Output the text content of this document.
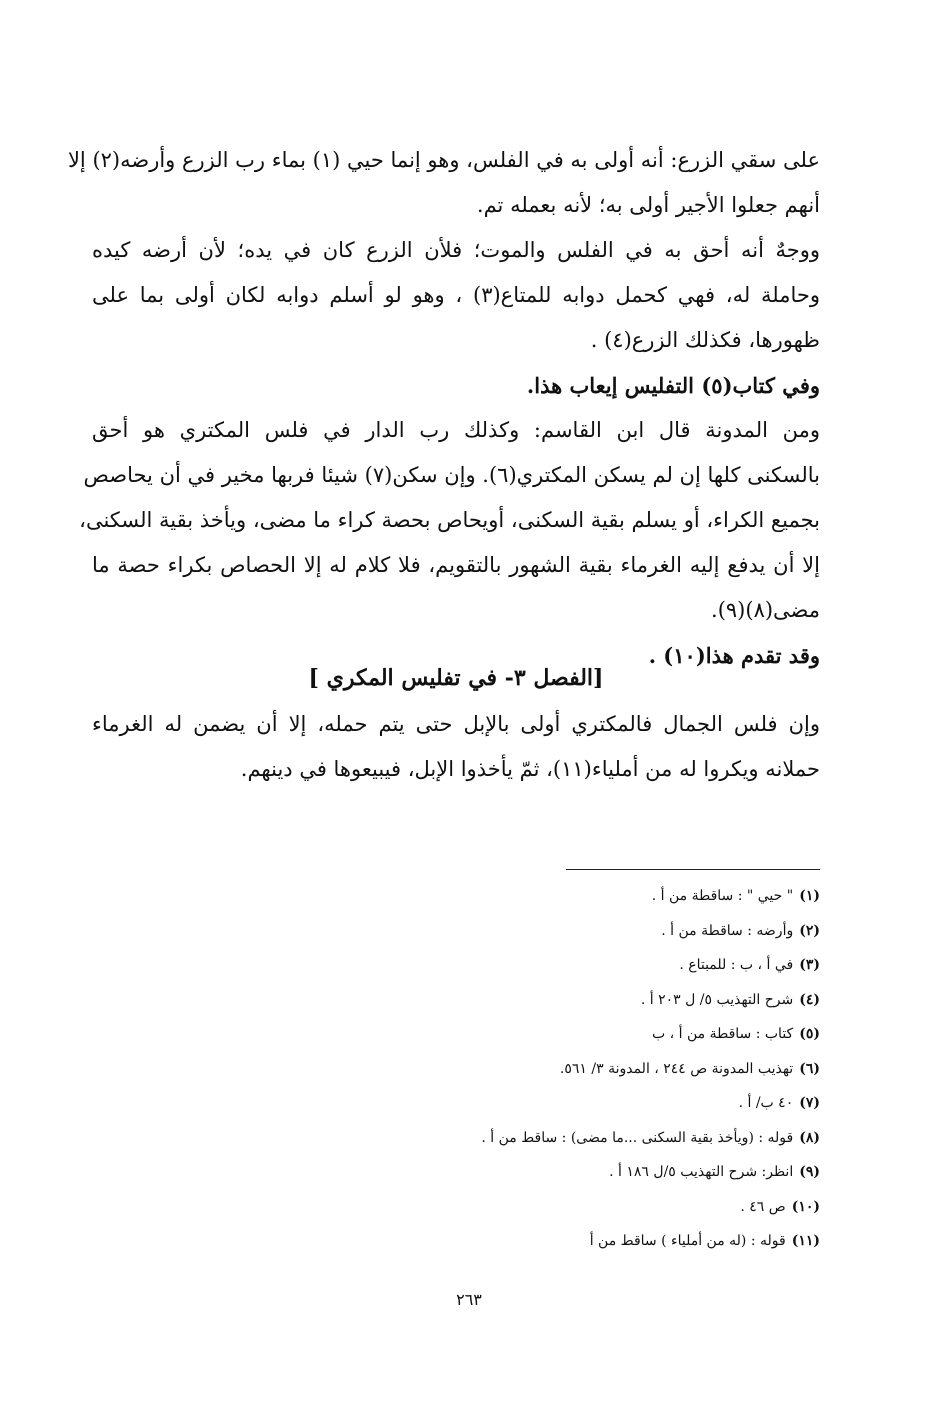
على سقي الزرع: أنه أولى به في الفلس، وهو إنما حيي (١) بماء رب الزرع وأرضه(٢) إلا
أنهم جعلوا الأجير أولى به؛ لأنه بعمله تم.
ووجهٌ أنه أحق به في الفلس والموت؛ فلأن الزرع كان في يده؛ لأن أرضه كيده
وحاملة له، فهي كحمل دوابه للمتاع(٣) ، وهو لو أسلم دوابه لكان أولى بما على
ظهورها، فكذلك الزرع(٤) .
وفي كتاب(٥) التفليس إيعاب هذا.
ومن المدونة قال ابن القاسم: وكذلك رب الدار في فلس المكتري هو أحق
بالسكنى كلها إن لم يسكن المكتري(٦). وإن سكن(٧) شيئا فربها مخير في أن يحاصص
بجميع الكراء، أو يسلم بقية السكنى، أويحاص بحصة كراء ما مضى، ويأخذ بقية السكنى،
إلا أن يدفع إليه الغرماء بقية الشهور بالتقويم، فلا كلام له إلا الحصاص بكراء حصة ما
مضى(٨)(٩).
وقد تقدم هذا(١٠) .
[الفصل ٣- في تفليس المكري ]
وإن فلس الجمال فالمكتري أولى بالإبل حتى يتم حمله، إلا أن يضمن له الغرماء
حملانه ويكروا له من أملياء(١١)، ثمّ يأخذوا الإبل، فيبيعوها في دينهم.
(١)" حيي " : ساقطة من أ .
(٢)وأرضه : ساقطة من أ .
(٣)في أ ، ب : للمبتاع .
(٤)شرح التهذيب ٥/ ل ٢٠٣ أ .
(٥)كتاب : ساقطة من أ ، ب
(٦)تهذيب المدونة ص ٢٤٤ ، المدونة ٣/ ٥٦١.
(٧)٤٠ ب/ أ .
(٨)قوله : (ويأخذ بقية السكنى ...ما مضى) : ساقط من أ .
(٩)انظر: شرح التهذيب ٥/ل ١٨٦ أ .
(١٠)ص ٤٦ .
(١١)قوله : (له من أملياء ) ساقط من أ
٢٦٣
